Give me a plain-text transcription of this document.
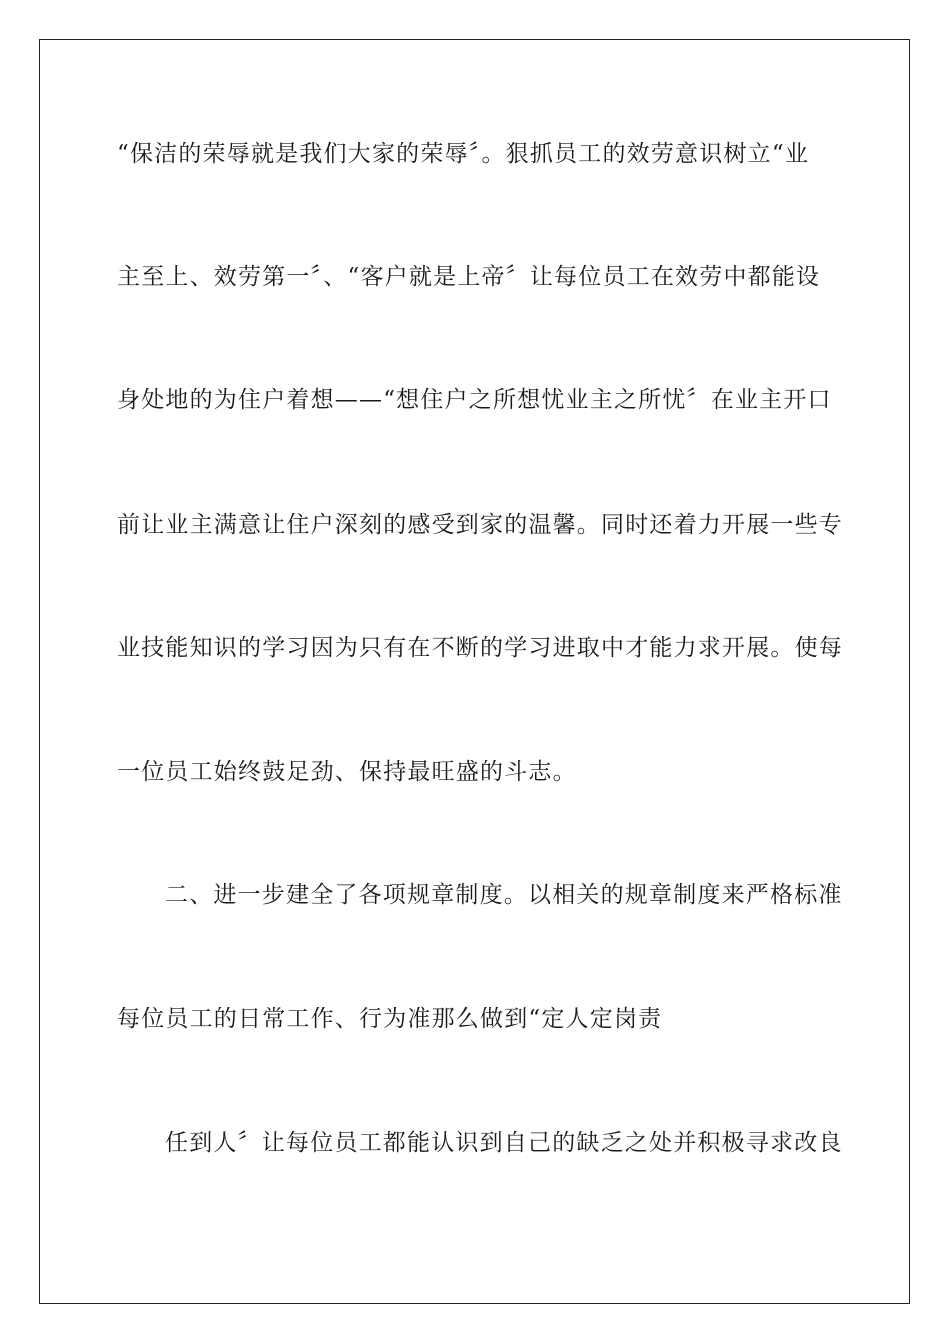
“保洁的荣辱就是我们大家的荣辱〞。狠抓员工的效劳意识树立“业
主至上、效劳第一〞、“客户就是上帝〞让每位员工在效劳中都能设
身处地的为住户着想——“想住户之所想忧业主之所忧〞在业主开口
前让业主满意让住户深刻的感受到家的温馨。同时还着力开展一些专
业技能知识的学习因为只有在不断的学习进取中才能力求开展。使每
一位员工始终鼓足劲、保持最旺盛的斗志。
二、进一步建全了各项规章制度。以相关的规章制度来严格标准
每位员工的日常工作、行为准那么做到“定人定岗责
任到人〞让每位员工都能认识到自己的缺乏之处并积极寻求改良
